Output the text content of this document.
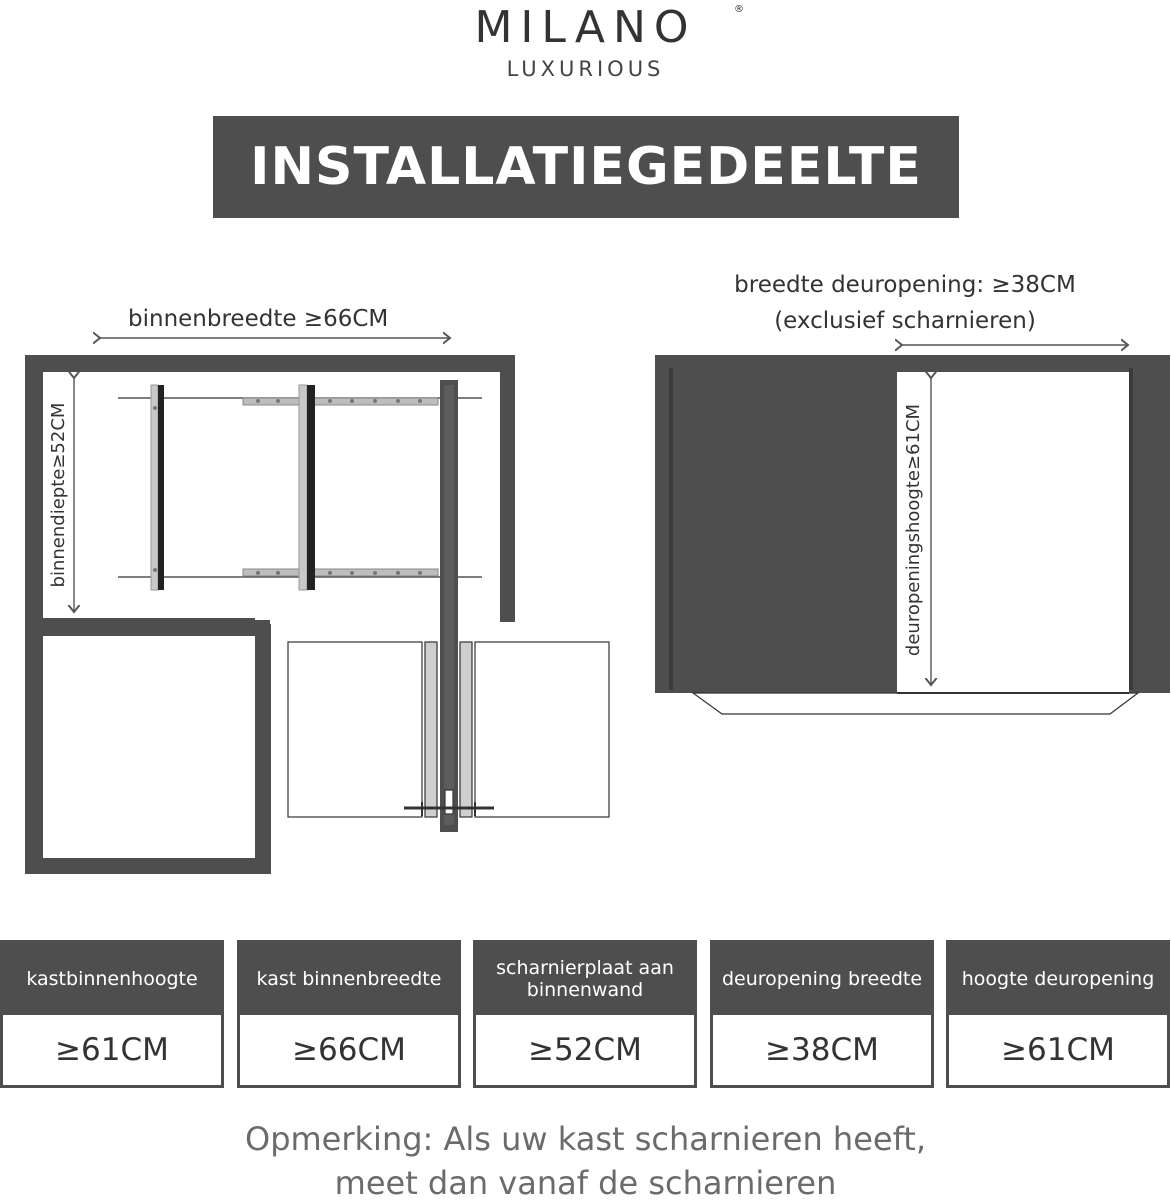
MILANO	®
LUXURIOUS
INSTALLATIEGEDEELTE
binnenbreedte ≥66CM
binnendiepte≥52CM
breedte deuropening: ≥38CM
(exclusief scharnieren)
deuropeningshoogte≥61CM
kastbinnenhoogte
≥61CM
kast binnenbreedte
≥66CM
scharnierplaat aan binnenwand
≥52CM
deuropening breedte
≥38CM
hoogte deuropening
≥61CM
Opmerking: Als uw kast scharnieren heeft,
meet dan vanaf de scharnieren
